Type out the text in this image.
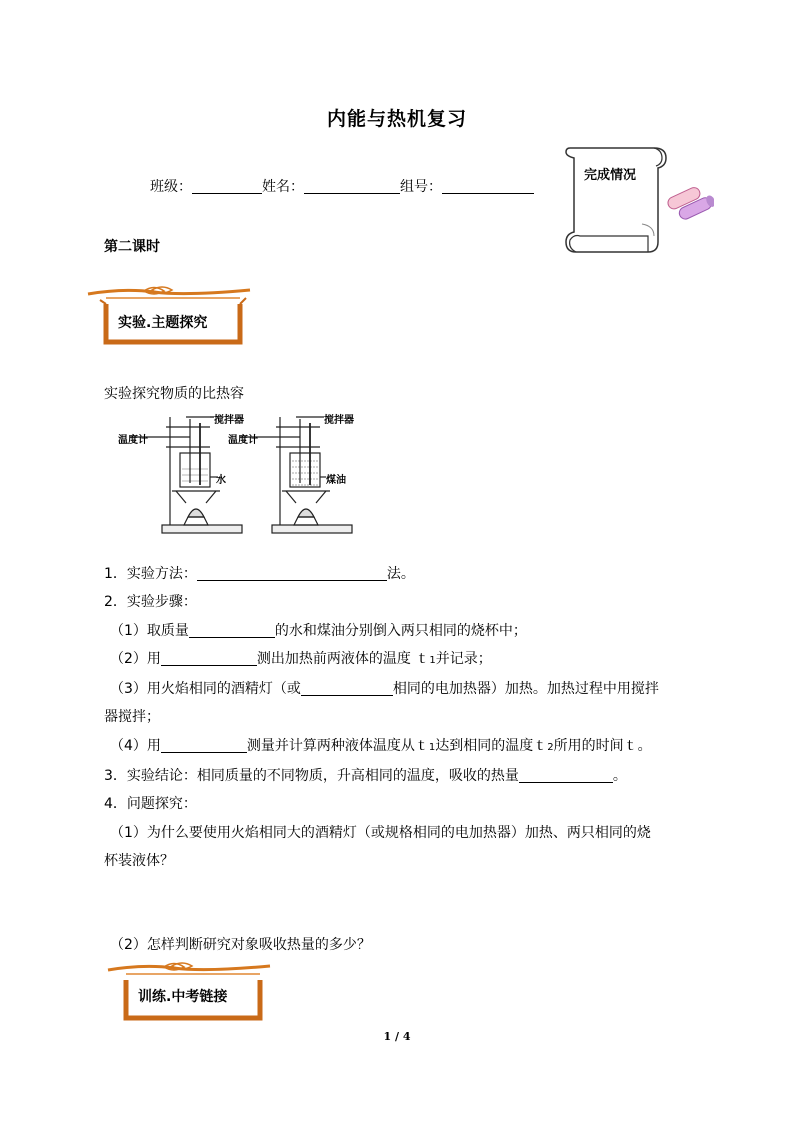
内能与热机复习
班级：	姓名：	组号：
完成情况
第二课时
实验.主题探究
实验探究物质的比热容
搅拌器
温度计
水
搅拌器
温度计
煤油

1．实验方法：	法。

2．实验步骤：

（1）取质量	的水和煤油分别倒入两只相同的烧杯中；

（2）用	测出加热前两液体的温度 ｔ1并记录；

（3）用火焰相同的酒精灯（或	相同的电加热器）加热。加热过程中用搅拌

器搅拌；

（4）用	测量并计算两种液体温度从ｔ1达到相同的温度ｔ2所用的时间ｔ。

3．实验结论：相同质量的不同物质，升高相同的温度，吸收的热量	。

4．问题探究：

（1）为什么要使用火焰相同大的酒精灯（或规格相同的电加热器）加热、两只相同的烧

杯装液体？

（2）怎样判断研究对象吸收热量的多少？

训练.中考链接
1 / 4
